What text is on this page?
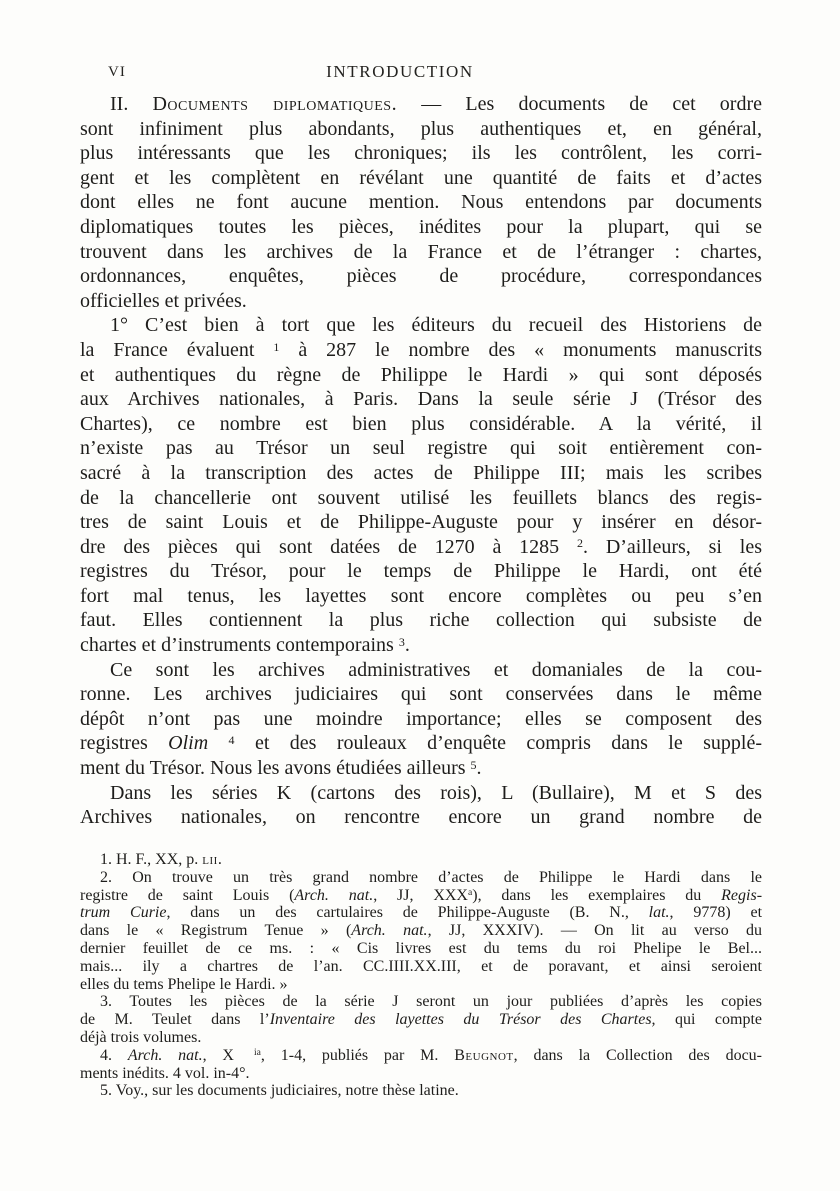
VI	INTRODUCTION
II. Documents diplomatiques. — Les documents de cet ordre
sont infiniment plus abondants, plus authentiques et, en général,
plus intéressants que les chroniques; ils les contrôlent, les corri-
gent et les complètent en révélant une quantité de faits et d’actes
dont elles ne font aucune mention. Nous entendons par documents
diplomatiques toutes les pièces, inédites pour la plupart, qui se
trouvent dans les archives de la France et de l’étranger : chartes,
ordonnances, enquêtes, pièces de procédure, correspondances
officielles et privées.
1° C’est bien à tort que les éditeurs du recueil des Historiens de
la France évaluent 1 à 287 le nombre des « monuments manuscrits
et authentiques du règne de Philippe le Hardi » qui sont déposés
aux Archives nationales, à Paris. Dans la seule série J (Trésor des
Chartes), ce nombre est bien plus considérable. A la vérité, il
n’existe pas au Trésor un seul registre qui soit entièrement con-
sacré à la transcription des actes de Philippe III; mais les scribes
de la chancellerie ont souvent utilisé les feuillets blancs des regis-
tres de saint Louis et de Philippe-Auguste pour y insérer en désor-
dre des pièces qui sont datées de 1270 à 1285 2. D’ailleurs, si les
registres du Trésor, pour le temps de Philippe le Hardi, ont été
fort mal tenus, les layettes sont encore complètes ou peu s’en
faut. Elles contiennent la plus riche collection qui subsiste de
chartes et d’instruments contemporains 3.
Ce sont les archives administratives et domaniales de la cou-
ronne. Les archives judiciaires qui sont conservées dans le même
dépôt n’ont pas une moindre importance; elles se composent des
registres Olim 4 et des rouleaux d’enquête compris dans le supplé-
ment du Trésor. Nous les avons étudiées ailleurs 5.
Dans les séries K (cartons des rois), L (Bullaire), M et S des
Archives nationales, on rencontre encore un grand nombre de
1. H. F., XX, p. lii.
2. On trouve un très grand nombre d’actes de Philippe le Hardi dans le
registre de saint Louis (Arch. nat., JJ, XXXa), dans les exemplaires du Regis-
trum Curie, dans un des cartulaires de Philippe-Auguste (B. N., lat., 9778) et
dans le « Registrum Tenue » (Arch. nat., JJ, XXXIV). — On lit au verso du
dernier feuillet de ce ms. : « Cis livres est du tems du roi Phelipe le Bel...
mais... ily a chartres de l’an. CC.IIII.XX.III, et de poravant, et ainsi seroient
elles du tems Phelipe le Hardi. »
3. Toutes les pièces de la série J seront un jour publiées d’après les copies
de M. Teulet dans l’Inventaire des layettes du Trésor des Chartes, qui compte
déjà trois volumes.
4. Arch. nat., X ia, 1-4, publiés par M. Beugnot, dans la Collection des docu-
ments inédits. 4 vol. in-4°.
5. Voy., sur les documents judiciaires, notre thèse latine.
